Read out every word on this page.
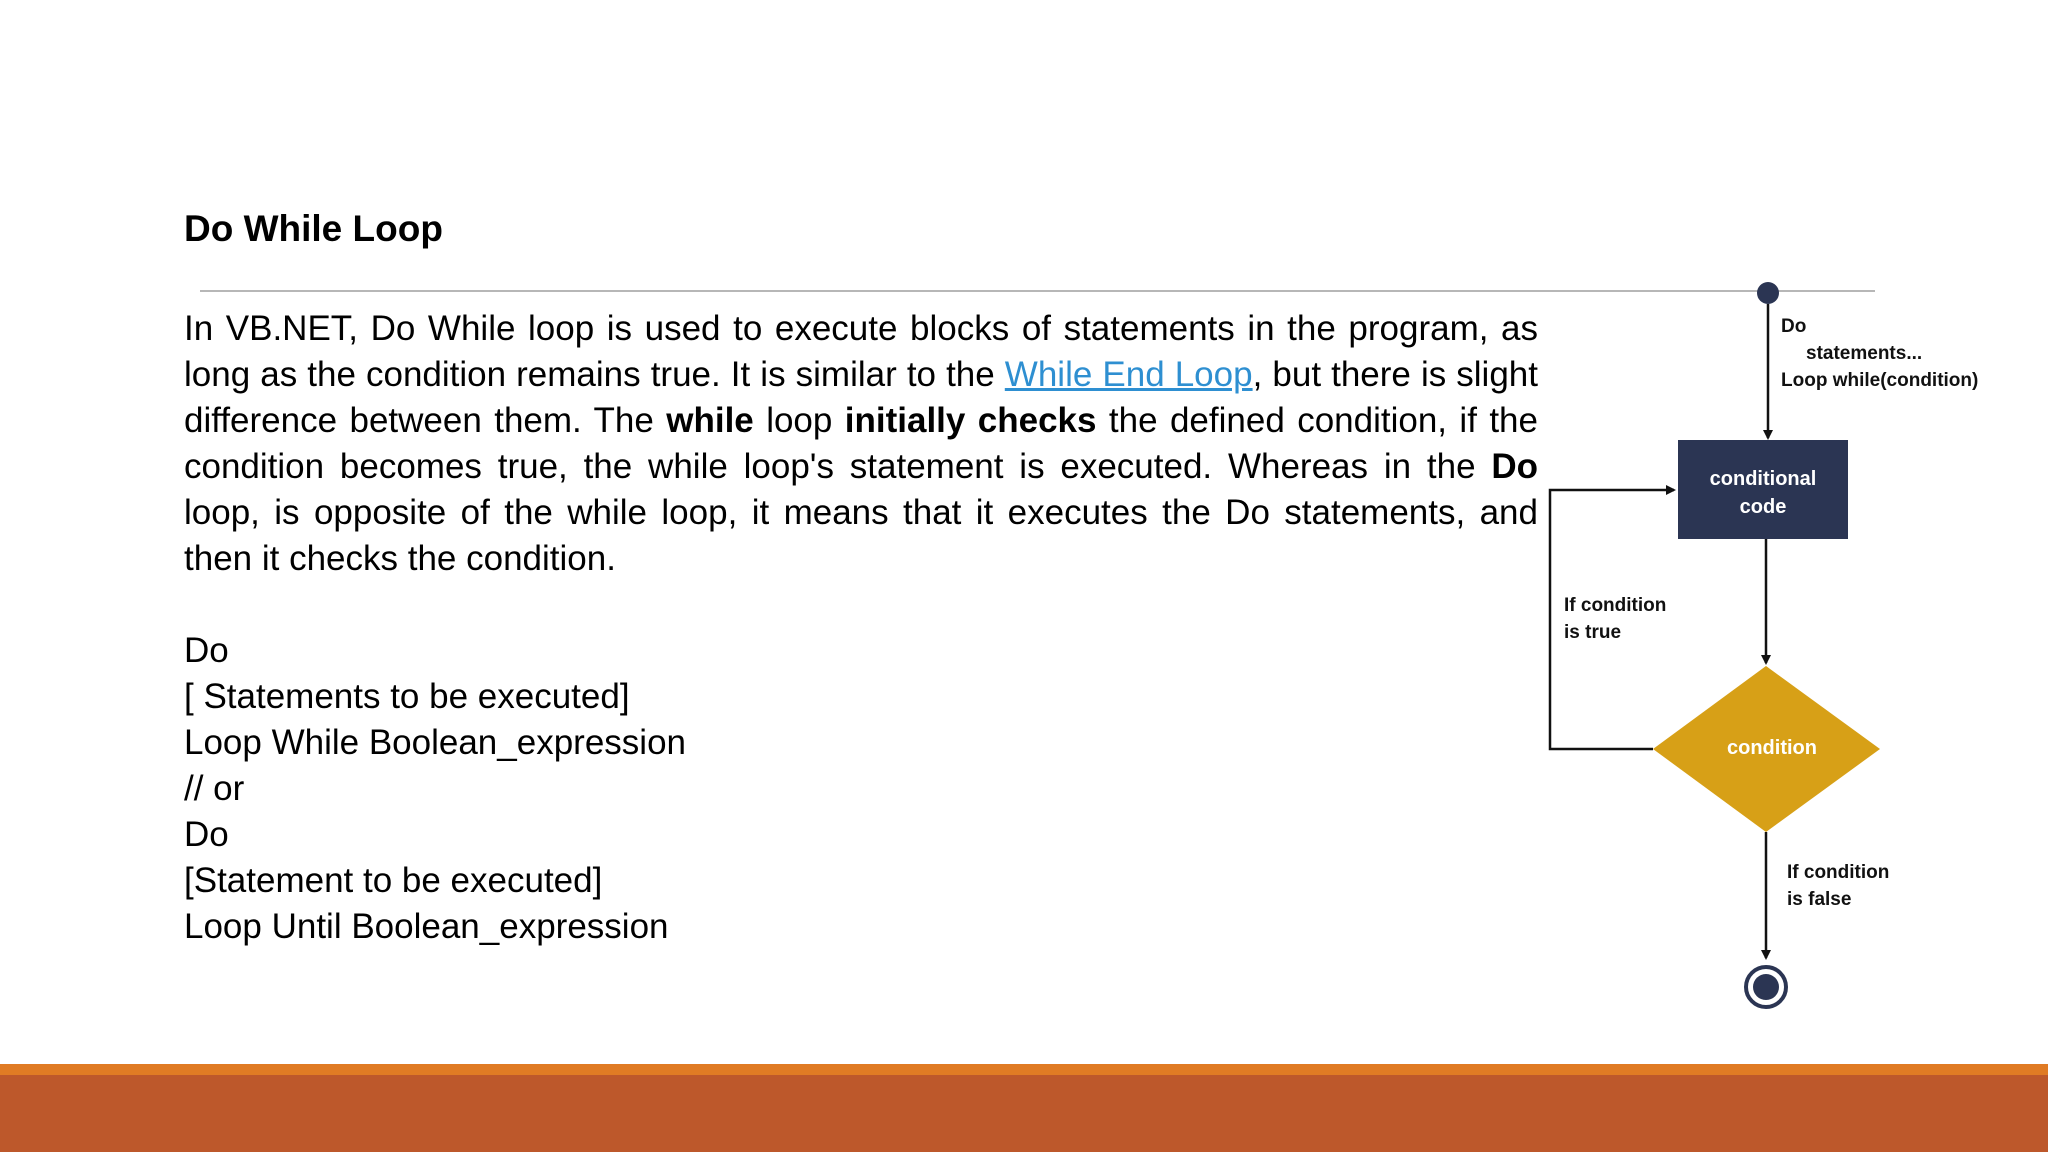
Do While Loop

In VB.NET, Do While loop is used to execute blocks of statements in the program, as long as the condition remains true. It is similar to the While End Loop, but there is slight difference between them. The while loop initially checks the defined condition, if the condition becomes true, the while loop's statement is executed. Whereas in the Do loop, is opposite of the while loop, it means that it executes the Do statements, and then it checks the condition.

Do
[ Statements to be executed]
Loop While Boolean_expression
// or
Do
[Statement to be executed]
Loop Until Boolean_expression
Do
statements...
Loop while(condition)
conditional
code
condition
If condition
is true
If condition
is false
